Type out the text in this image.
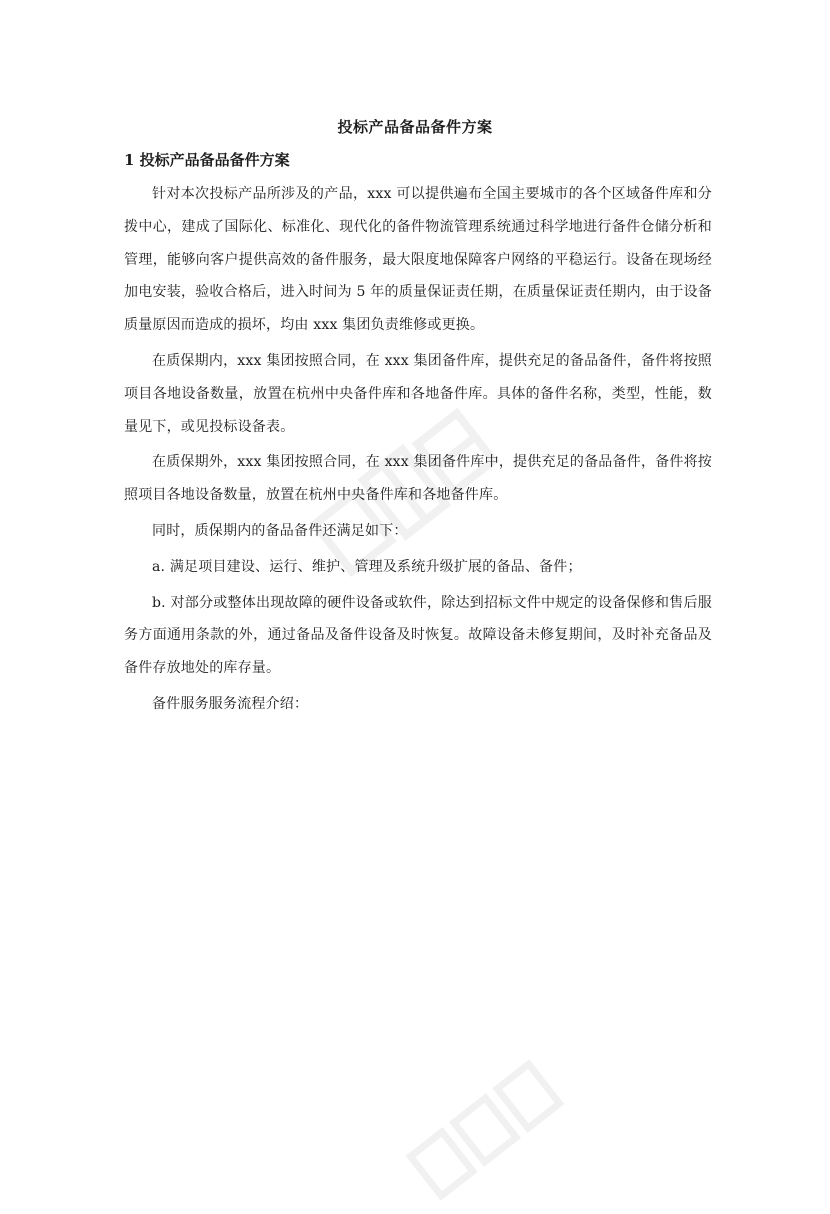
投标产品备品备件方案
1 投标产品备品备件方案

针对本次投标产品所涉及的产品，xxx 可以提供遍布全国主要城市的各个区域备件库和分拨中心，建成了国际化、标准化、现代化的备件物流管理系统通过科学地进行备件仓储分析和管理，能够向客户提供高效的备件服务，最大限度地保障客户网络的平稳运行。设备在现场经加电安装，验收合格后，进入时间为 5 年的质量保证责任期，在质量保证责任期内，由于设备质量原因而造成的损坏，均由 xxx 集团负责维修或更换。

在质保期内，xxx 集团按照合同，在 xxx 集团备件库，提供充足的备品备件，备件将按照项目各地设备数量，放置在杭州中央备件库和各地备件库。具体的备件名称，类型，性能，数量见下，或见投标设备表。

在质保期外，xxx 集团按照合同，在 xxx 集团备件库中，提供充足的备品备件，备件将按照项目各地设备数量，放置在杭州中央备件库和各地备件库。

同时，质保期内的备品备件还满足如下：

a. 满足项目建设、运行、维护、管理及系统升级扩展的备品、备件；

b. 对部分或整体出现故障的硬件设备或软件，除达到招标文件中规定的设备保修和售后服务方面通用条款的外，通过备品及备件设备及时恢复。故障设备未修复期间，及时补充备品及备件存放地处的库存量。

备件服务服务流程介绍：
